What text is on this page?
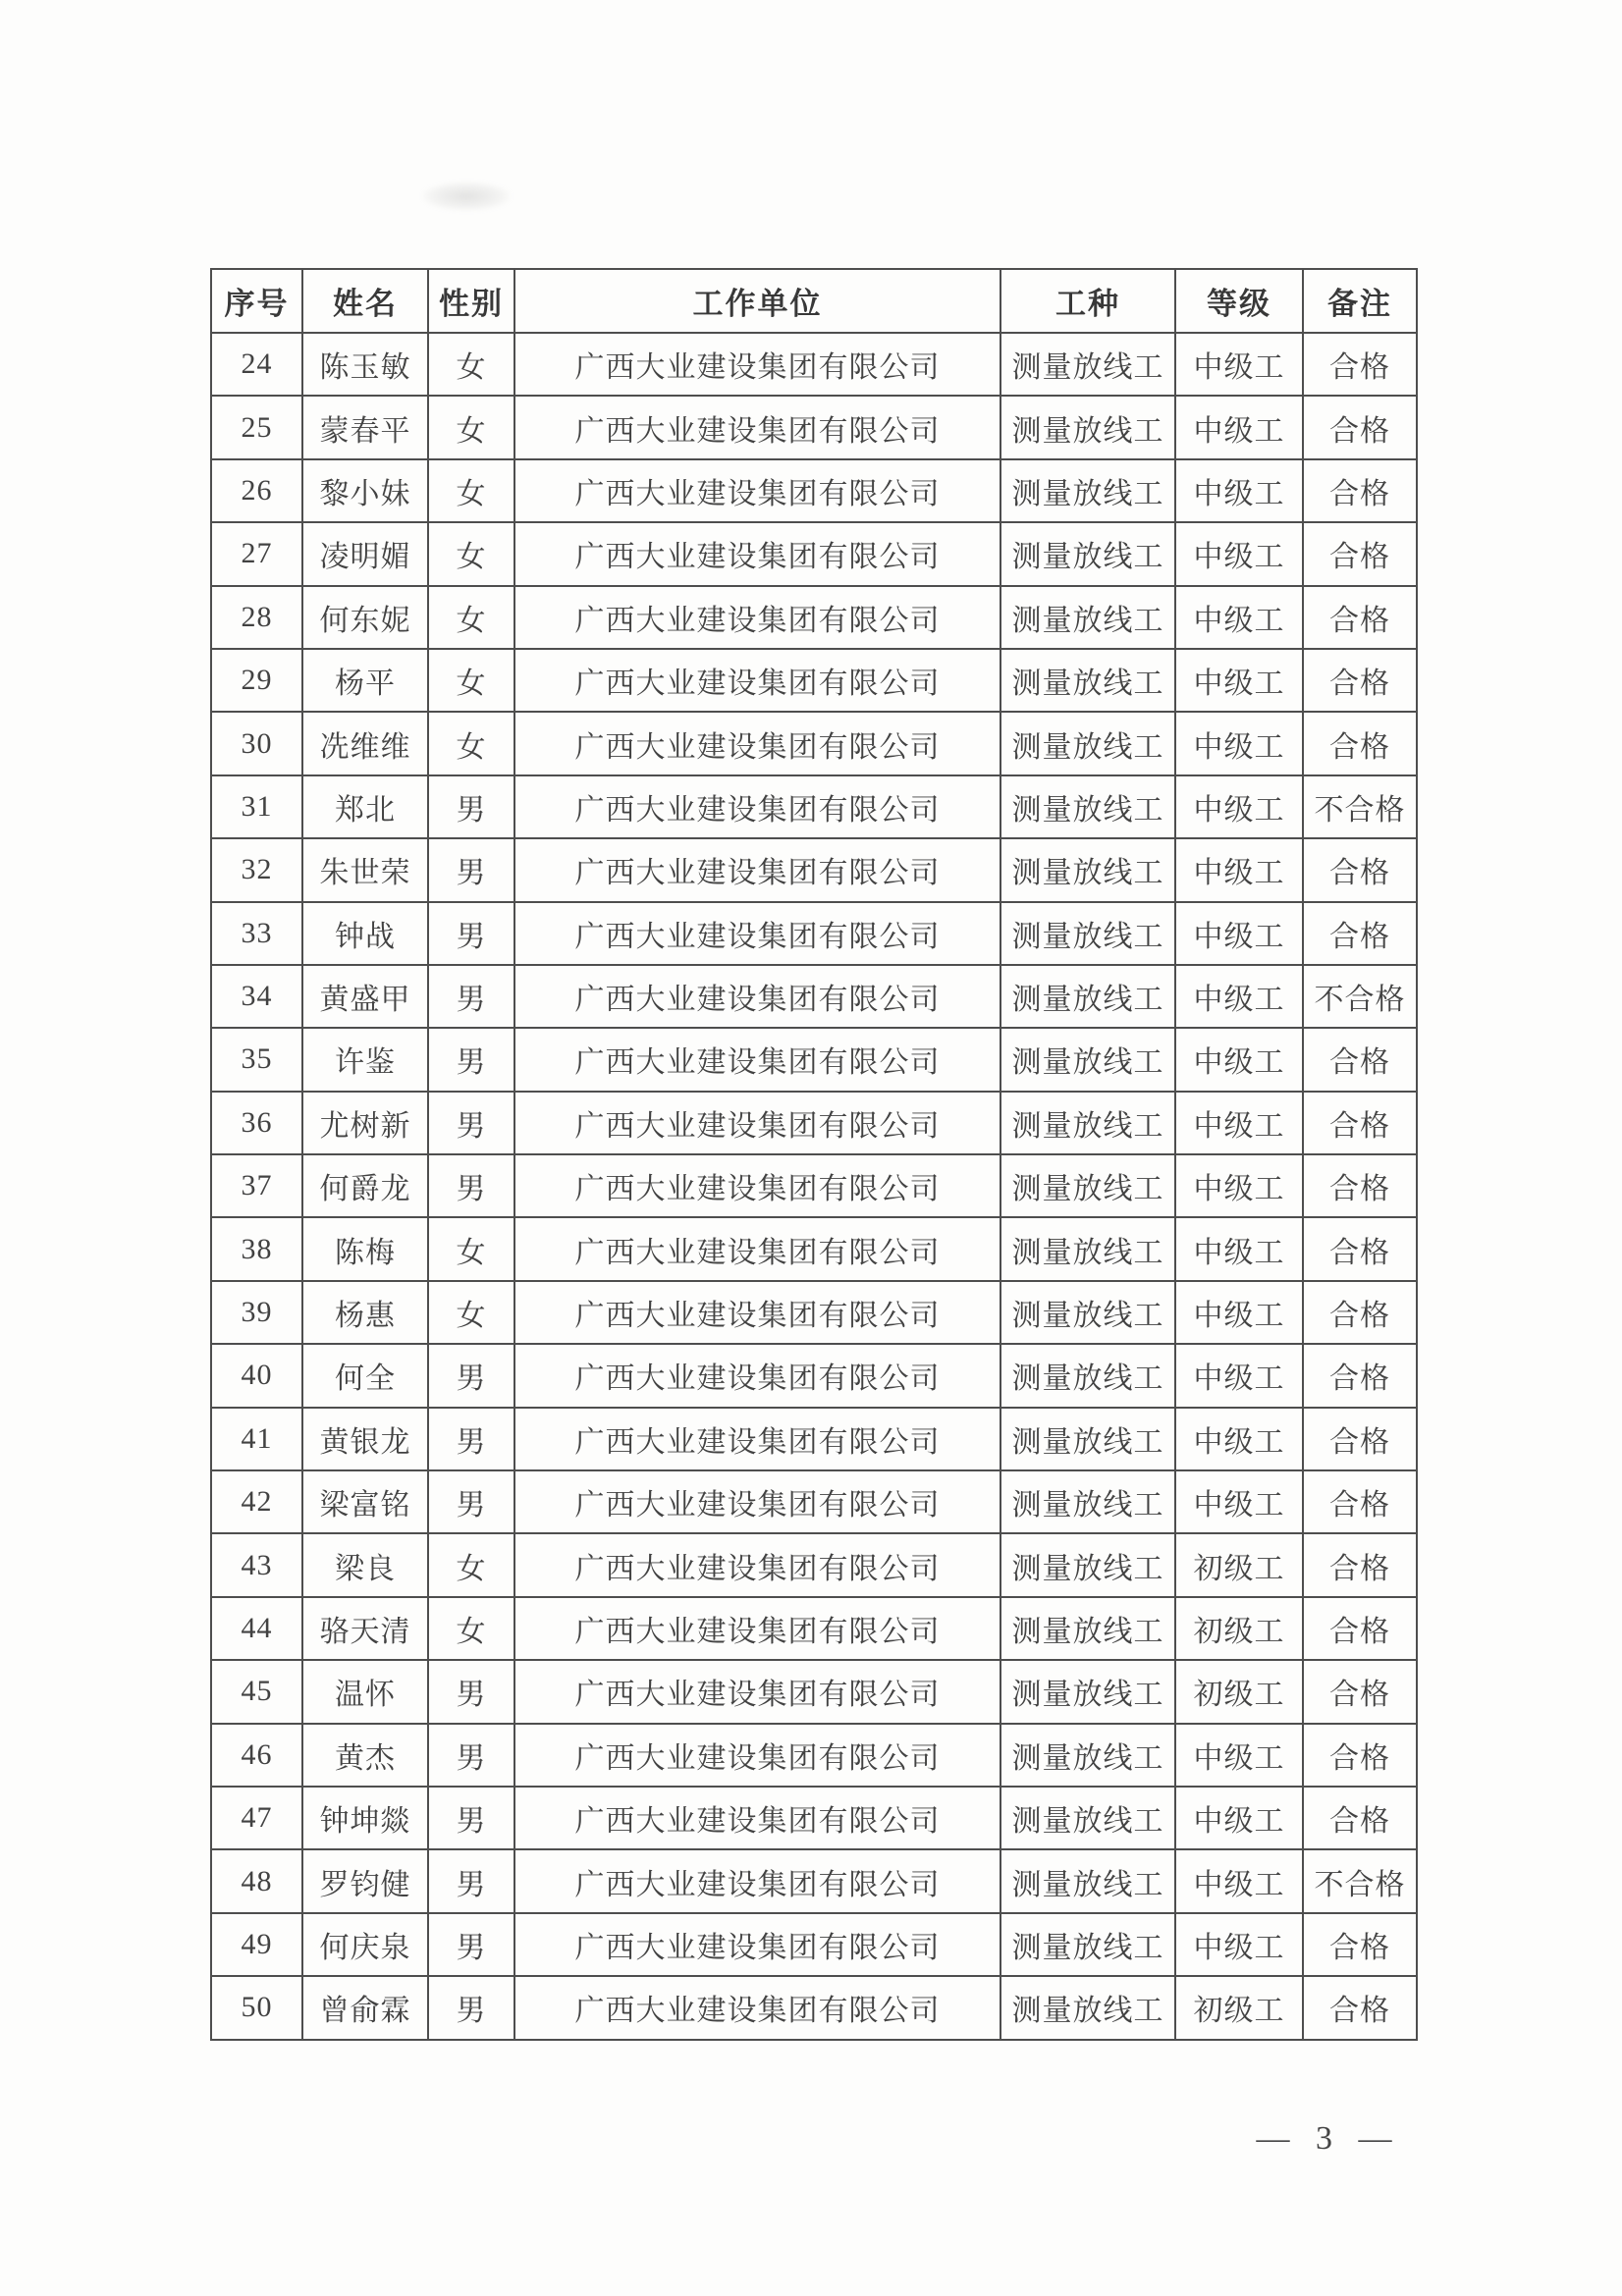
序号	姓名	性别	工作单位	工种	等级	备注
24	陈玉敏	女	广西大业建设集团有限公司	测量放线工	中级工	合格
25	蒙春平	女	广西大业建设集团有限公司	测量放线工	中级工	合格
26	黎小妹	女	广西大业建设集团有限公司	测量放线工	中级工	合格
27	凌明媚	女	广西大业建设集团有限公司	测量放线工	中级工	合格
28	何东妮	女	广西大业建设集团有限公司	测量放线工	中级工	合格
29	杨平	女	广西大业建设集团有限公司	测量放线工	中级工	合格
30	冼维维	女	广西大业建设集团有限公司	测量放线工	中级工	合格
31	郑北	男	广西大业建设集团有限公司	测量放线工	中级工	不合格
32	朱世荣	男	广西大业建设集团有限公司	测量放线工	中级工	合格
33	钟战	男	广西大业建设集团有限公司	测量放线工	中级工	合格
34	黄盛甲	男	广西大业建设集团有限公司	测量放线工	中级工	不合格
35	许鉴	男	广西大业建设集团有限公司	测量放线工	中级工	合格
36	尤树新	男	广西大业建设集团有限公司	测量放线工	中级工	合格
37	何爵龙	男	广西大业建设集团有限公司	测量放线工	中级工	合格
38	陈梅	女	广西大业建设集团有限公司	测量放线工	中级工	合格
39	杨惠	女	广西大业建设集团有限公司	测量放线工	中级工	合格
40	何全	男	广西大业建设集团有限公司	测量放线工	中级工	合格
41	黄银龙	男	广西大业建设集团有限公司	测量放线工	中级工	合格
42	梁富铭	男	广西大业建设集团有限公司	测量放线工	中级工	合格
43	梁良	女	广西大业建设集团有限公司	测量放线工	初级工	合格
44	骆天清	女	广西大业建设集团有限公司	测量放线工	初级工	合格
45	温怀	男	广西大业建设集团有限公司	测量放线工	初级工	合格
46	黄杰	男	广西大业建设集团有限公司	测量放线工	中级工	合格
47	钟坤燚	男	广西大业建设集团有限公司	测量放线工	中级工	合格
48	罗钧健	男	广西大业建设集团有限公司	测量放线工	中级工	不合格
49	何庆泉	男	广西大业建设集团有限公司	测量放线工	中级工	合格
50	曾俞霖	男	广西大业建设集团有限公司	测量放线工	初级工	合格
— 3 —
